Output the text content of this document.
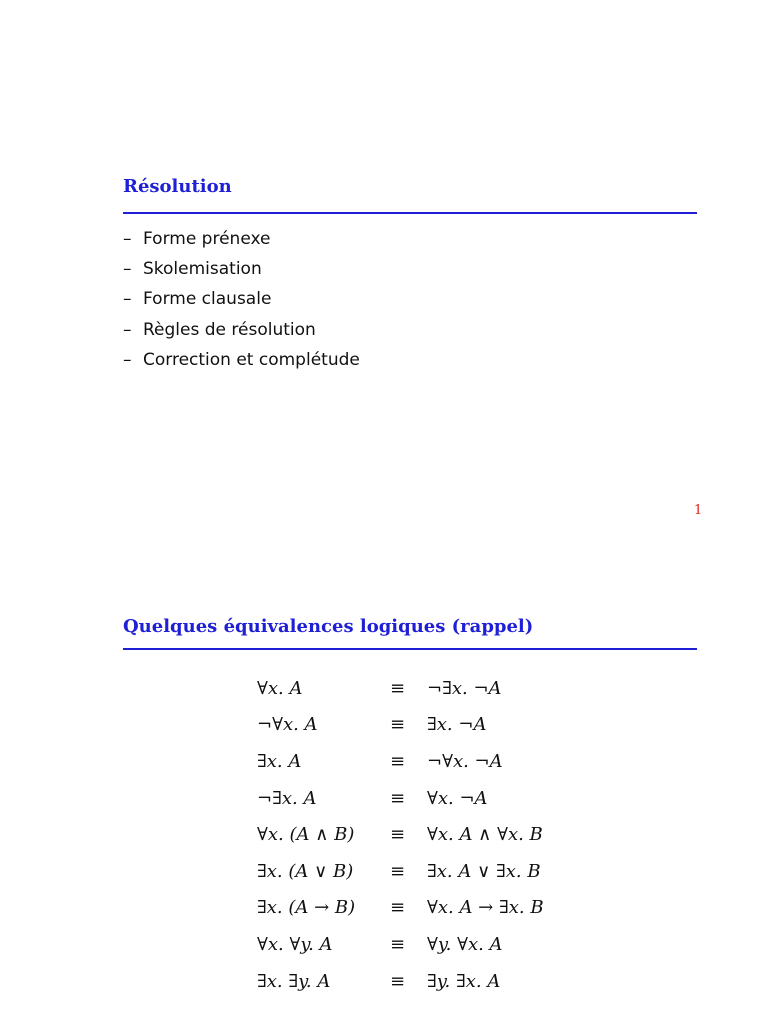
Résolution
– Forme prénexe
– Skolemisation
– Forme clausale
– Règles de résolution
– Correction et complétude
1
Quelques équivalences logiques (rappel)
∀x. A	≡	¬∃x. ¬A
¬∀x. A	≡	∃x. ¬A
∃x. A	≡	¬∀x. ¬A
¬∃x. A	≡	∀x. ¬A
∀x. (A ∧ B)	≡	∀x. A ∧ ∀x. B
∃x. (A ∨ B)	≡	∃x. A ∨ ∃x. B
∃x. (A → B)	≡	∀x. A → ∃x. B
∀x. ∀y. A	≡	∀y. ∀x. A
∃x. ∃y. A	≡	∃y. ∃x. A
